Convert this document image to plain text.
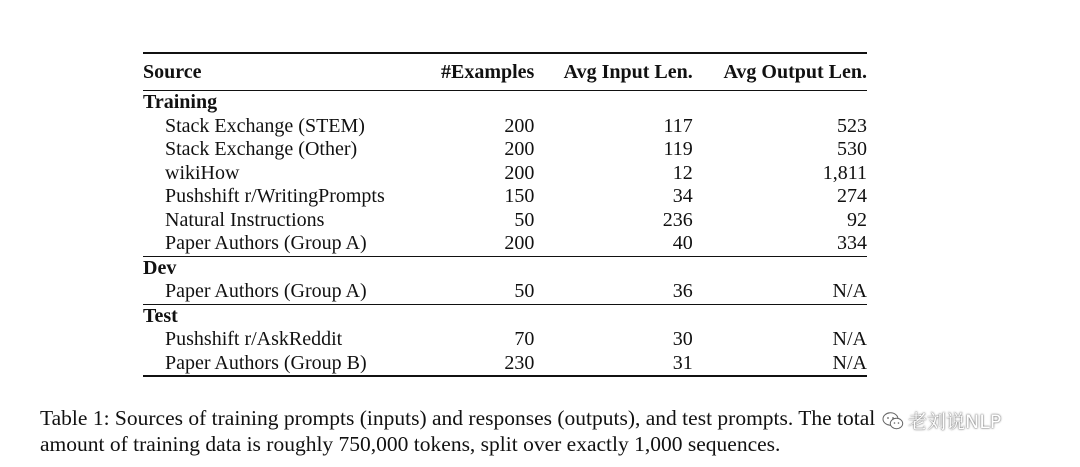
Source	#Examples	Avg Input Len.	Avg Output Len.
Training			
Stack Exchange (STEM)	200	117	523
Stack Exchange (Other)	200	119	530
wikiHow	200	12	1,811
Pushshift r/WritingPrompts	150	34	274
Natural Instructions	50	236	92
Paper Authors (Group A)	200	40	334
Dev			
Paper Authors (Group A)	50	36	N/A
Test			
Pushshift r/AskReddit	70	30	N/A
Paper Authors (Group B)	230	31	N/A
Table 1: Sources of training prompts (inputs) and responses (outputs), and test prompts. The total
amount of training data is roughly 750,000 tokens, split over exactly 1,000 sequences.
老刘说NLP
